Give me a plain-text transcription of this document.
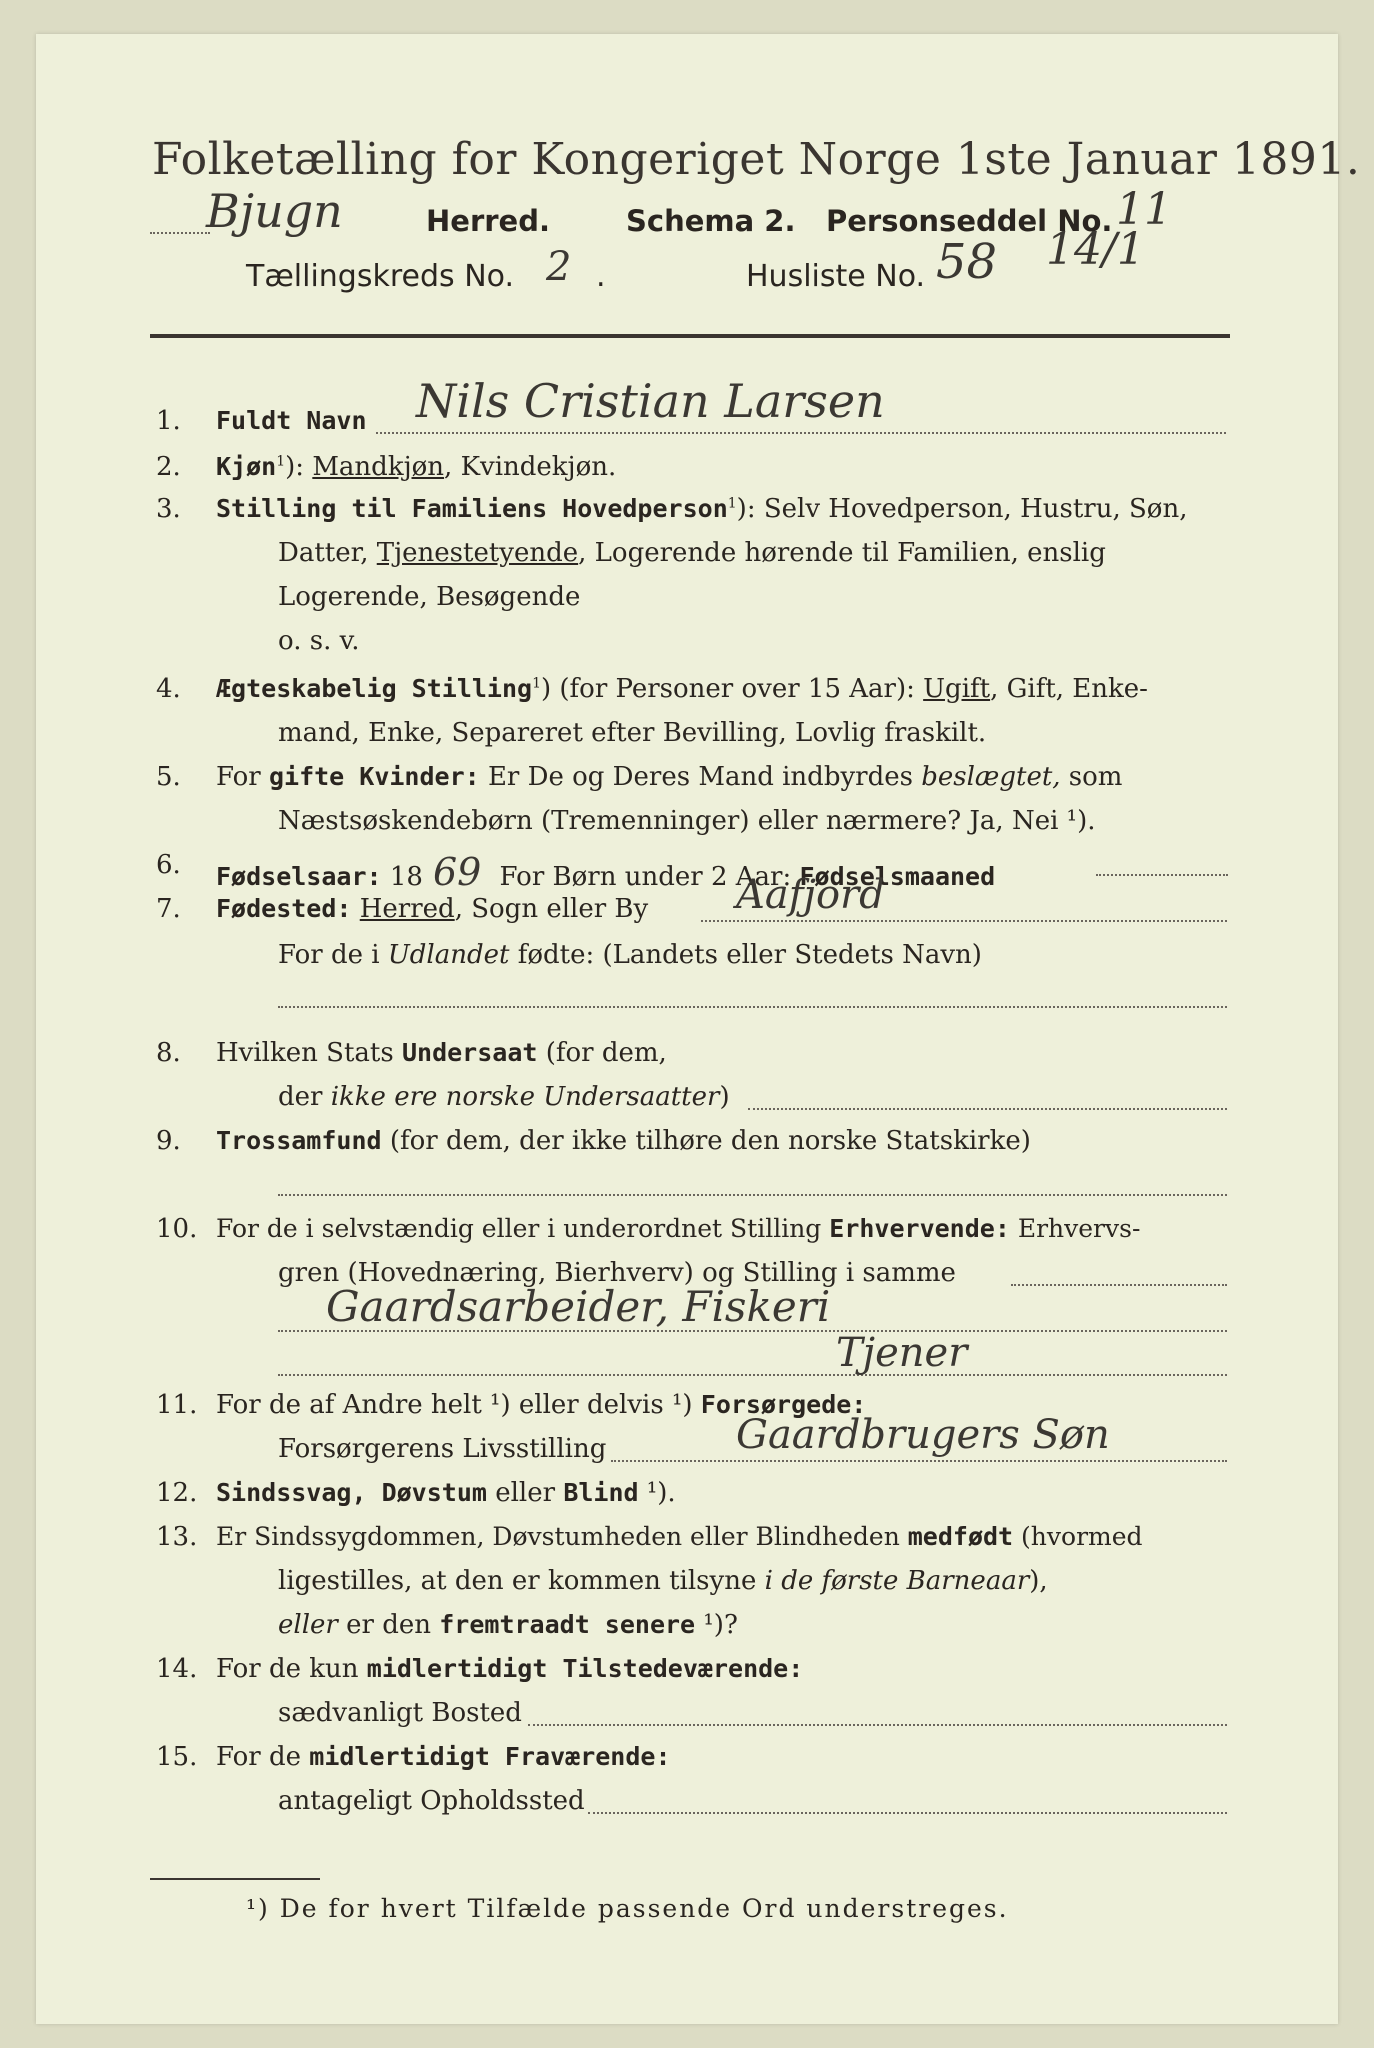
Folketælling for Kongeriget Norge 1ste Januar 1891.
Bjugn	Herred.	Schema 2. Personseddel No. 11
Tællingskreds No. 2 .	Husliste No. 58 14/1
1. Fuldt Navn Nils Cristian Larsen
2. Kjøn$^1$): Mandkjøn, Kvindekjøn.
3. Stilling til Familiens Hovedperson$^1$): Selv Hovedperson, Hustru, Søn,
Datter, Tjenestetyende, Logerende hørende til Familien, enslig
Logerende, Besøgende
o. s. v.
4. Ægteskabelig Stilling$^1$) (for Personer over 15 Aar): Ugift, Gift, Enke-
mand, Enke, Separeret efter Bevilling, Lovlig fraskilt.
5. For gifte Kvinder: Er De og Deres Mand indbyrdes beslægtet, som
Næstsøskendebørn (Tremenninger) eller nærmere? Ja, Nei ¹).
6. Fødselsaar: 18 69 For Børn under 2 Aar: Fødselsmaaned
7. Fødested: Herred, Sogn eller By Aafjord
For de i Udlandet fødte: (Landets eller Stedets Navn)
8. Hvilken Stats Undersaat (for dem,
der ikke ere norske Undersaatter)
9. Trossamfund (for dem, der ikke tilhøre den norske Statskirke)
10. For de i selvstændig eller i underordnet Stilling Erhvervende: Erhvervs-
gren (Hovednæring, Bierhverv) og Stilling i samme
Gaardsarbeider, Fiskeri
Tjener
11. For de af Andre helt ¹) eller delvis ¹) Forsørgede:
Forsørgerens Livsstilling	Gaardbrugers Søn
12. Sindssvag, Døvstum eller Blind ¹).
13. Er Sindssygdommen, Døvstumheden eller Blindheden medfødt (hvormed
ligestilles, at den er kommen tilsyne i de første Barneaar),
eller er den fremtraadt senere ¹)?
14. For de kun midlertidigt Tilstedeværende:
sædvanligt Bosted
15. For de midlertidigt Fraværende:
antageligt Opholdssted
¹) De for hvert Tilfælde passende Ord understreges.
